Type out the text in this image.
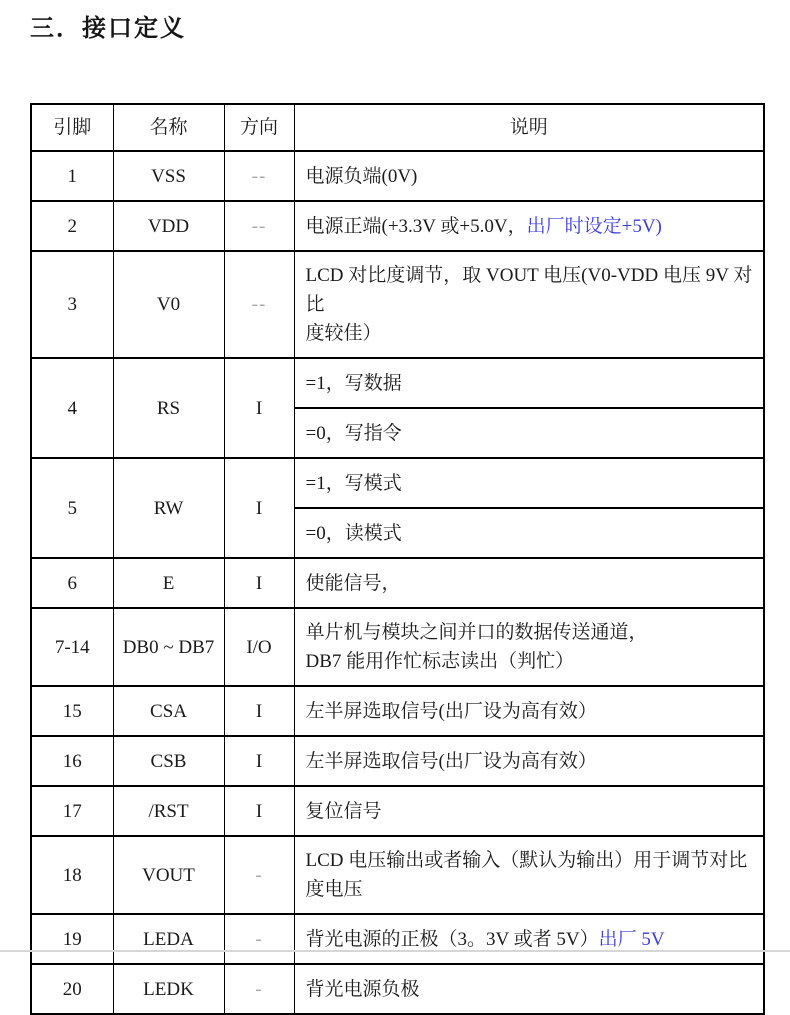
三．接口定义
引脚	名称	方向	说明
1	VSS	--	电源负端(0V)
2	VDD	--	电源正端(+3.3V 或+5.0V，出厂时设定+5V)
3	V0	--	LCD 对比度调节，取 VOUT 电压(V0-VDD 电压 9V 对比
度较佳）
4	RS	I	=1，写数据
			=0，写指令
5	RW	I	=1，写模式
			=0，读模式
6	E	I	使能信号，
7-14	DB0 ~ DB7	I/O	单片机与模块之间并口的数据传送通道，
DB7 能用作忙标志读出（判忙）
15	CSA	I	左半屏选取信号(出厂设为高有效）
16	CSB	I	左半屏选取信号(出厂设为高有效）
17	/RST	I	复位信号
18	VOUT	-	LCD 电压输出或者输入（默认为输出）用于调节对比
度电压
19	LEDA	-	背光电源的正极（3。3V 或者 5V）出厂 5V
20	LEDK	-	背光电源负极
